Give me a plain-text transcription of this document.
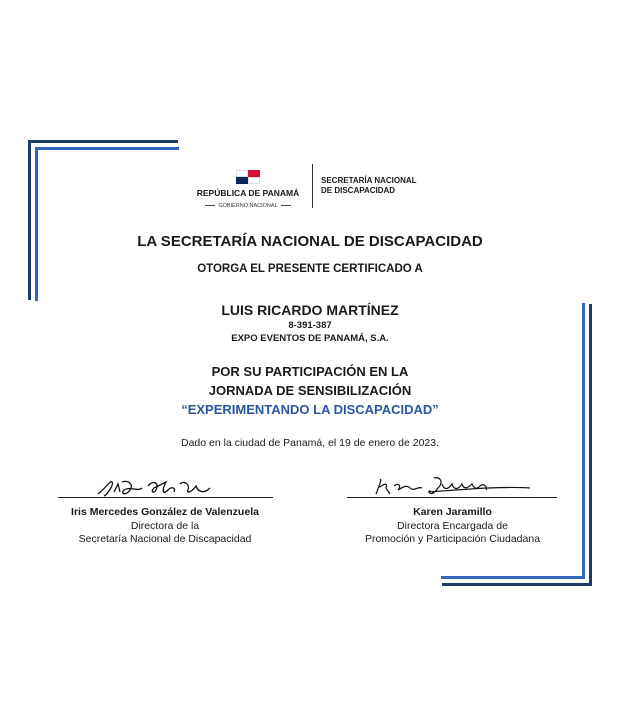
REPÚBLICA DE PANAMÁ
GOBIERNO NACIONAL
SECRETARÍA NACIONAL
DE DISCAPACIDAD
LA SECRETARÍA NACIONAL DE DISCAPACIDAD
OTORGA EL PRESENTE CERTIFICADO A
LUIS RICARDO MARTÍNEZ
8-391-387
EXPO EVENTOS DE PANAMÁ, S.A.
POR SU PARTICIPACIÓN EN LA
JORNADA DE SENSIBILIZACIÓN
“EXPERIMENTANDO LA DISCAPACIDAD”
Dado en la ciudad de Panamá, el 19 de enero de 2023.
Iris Mercedes González de Valenzuela
Directora de la
Secretaría Nacional de Discapacidad
Karen Jaramillo
Directora Encargada de
Promoción y Participación Ciudadana
